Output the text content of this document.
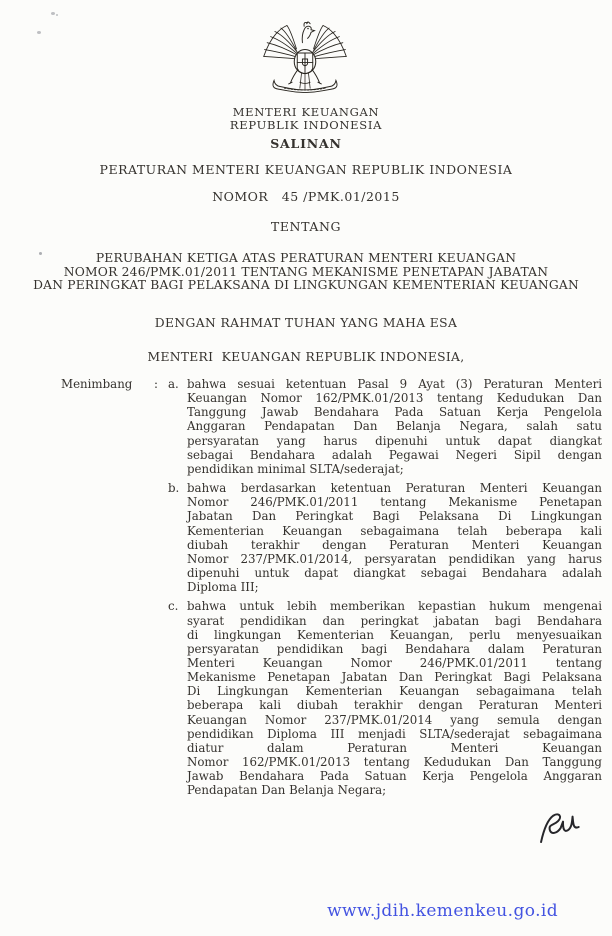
MENTERI KEUANGAN
REPUBLIK INDONESIA
SALINAN
PERATURAN MENTERI KEUANGAN REPUBLIK INDONESIA
NOMOR   45 /PMK.01/2015
TENTANG
PERUBAHAN KETIGA ATAS PERATURAN MENTERI KEUANGAN
NOMOR 246/PMK.01/2011 TENTANG MEKANISME PENETAPAN JABATAN
DAN PERINGKAT BAGI PELAKSANA DI LINGKUNGAN KEMENTERIAN KEUANGAN
DENGAN RAHMAT TUHAN YANG MAHA ESA
MENTERI  KEUANGAN REPUBLIK INDONESIA,
Menimbang	: a. bahwa sesuai ketentuan Pasal 9 Ayat (3) Peraturan Menteri
Keuangan Nomor 162/PMK.01/2013 tentang Kedudukan Dan
Tanggung Jawab Bendahara Pada Satuan Kerja Pengelola
Anggaran Pendapatan Dan Belanja Negara, salah satu
persyaratan yang harus dipenuhi untuk dapat diangkat
sebagai Bendahara adalah Pegawai Negeri Sipil dengan
pendidikan minimal SLTA/sederajat;
b. bahwa berdasarkan ketentuan Peraturan Menteri Keuangan
Nomor 246/PMK.01/2011 tentang Mekanisme Penetapan
Jabatan Dan Peringkat Bagi Pelaksana Di Lingkungan
Kementerian Keuangan sebagaimana telah beberapa kali
diubah terakhir dengan Peraturan Menteri Keuangan
Nomor 237/PMK.01/2014, persyaratan pendidikan yang harus
dipenuhi untuk dapat diangkat sebagai Bendahara adalah
Diploma III;
c. bahwa untuk lebih memberikan kepastian hukum mengenai
syarat pendidikan dan peringkat jabatan bagi Bendahara
di lingkungan Kementerian Keuangan, perlu menyesuaikan
persyaratan pendidikan bagi Bendahara dalam Peraturan
Menteri Keuangan Nomor 246/PMK.01/2011 tentang
Mekanisme Penetapan Jabatan Dan Peringkat Bagi Pelaksana
Di Lingkungan Kementerian Keuangan sebagaimana telah
beberapa kali diubah terakhir dengan Peraturan Menteri
Keuangan Nomor 237/PMK.01/2014 yang semula dengan
pendidikan Diploma III menjadi SLTA/sederajat sebagaimana
diatur dalam Peraturan Menteri Keuangan
Nomor 162/PMK.01/2013 tentang Kedudukan Dan Tanggung
Jawab Bendahara Pada Satuan Kerja Pengelola Anggaran
Pendapatan Dan Belanja Negara;
www.jdih.kemenkeu.go.id
